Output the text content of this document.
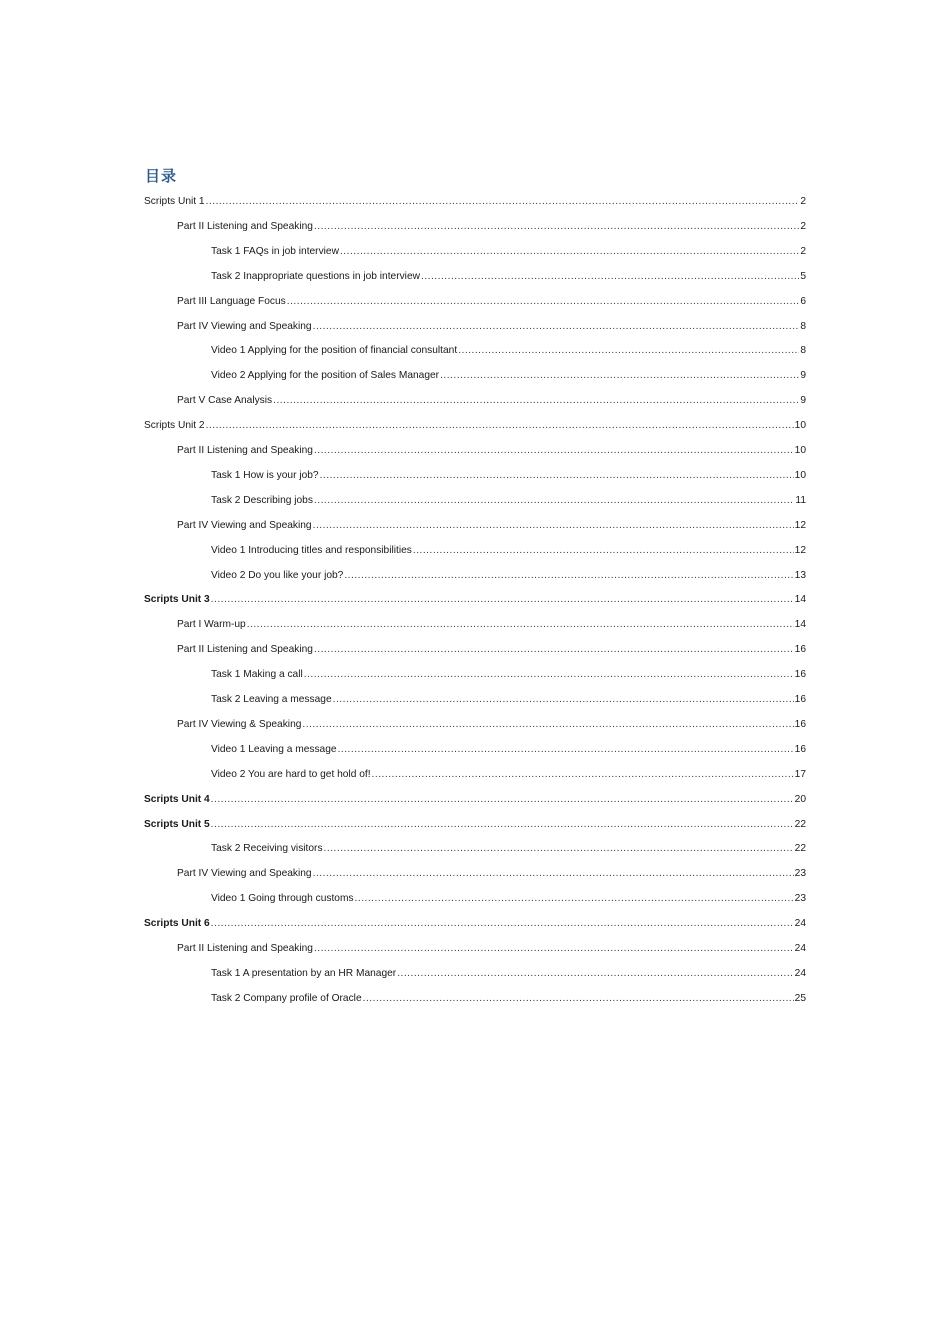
目录
Scripts Unit 1 .....	2
Part II Listening and Speaking .....	2
Task 1 FAQs in job interview .....	2
Task 2 Inappropriate questions in job interview .....	5
Part III Language Focus .....	6
Part IV Viewing and Speaking .....	8
Video 1 Applying for the position of financial consultant .....	8
Video 2 Applying for the position of Sales Manager .....	9
Part V Case Analysis .....	9
Scripts Unit 2 .....	10
Part II Listening and Speaking .....	10
Task 1 How is your job? .....	10
Task 2 Describing jobs .....	11
Part IV Viewing and Speaking .....	12
Video 1 Introducing titles and responsibilities .....	12
Video 2 Do you like your job? .....	13
Scripts Unit 3 .....	14
Part I Warm-up .....	14
Part II Listening and Speaking .....	16
Task 1 Making a call .....	16
Task 2 Leaving a message .....	16
Part IV Viewing & Speaking .....	16
Video 1 Leaving a message .....	16
Video 2 You are hard to get hold of! .....	17
Scripts Unit 4 .....	20
Scripts Unit 5 .....	22
Task 2 Receiving visitors .....	22
Part IV Viewing and Speaking .....	23
Video 1 Going through customs .....	23
Scripts Unit 6 .....	24
Part II Listening and Speaking .....	24
Task 1 A presentation by an HR Manager .....	24
Task 2 Company profile of Oracle .....	25
